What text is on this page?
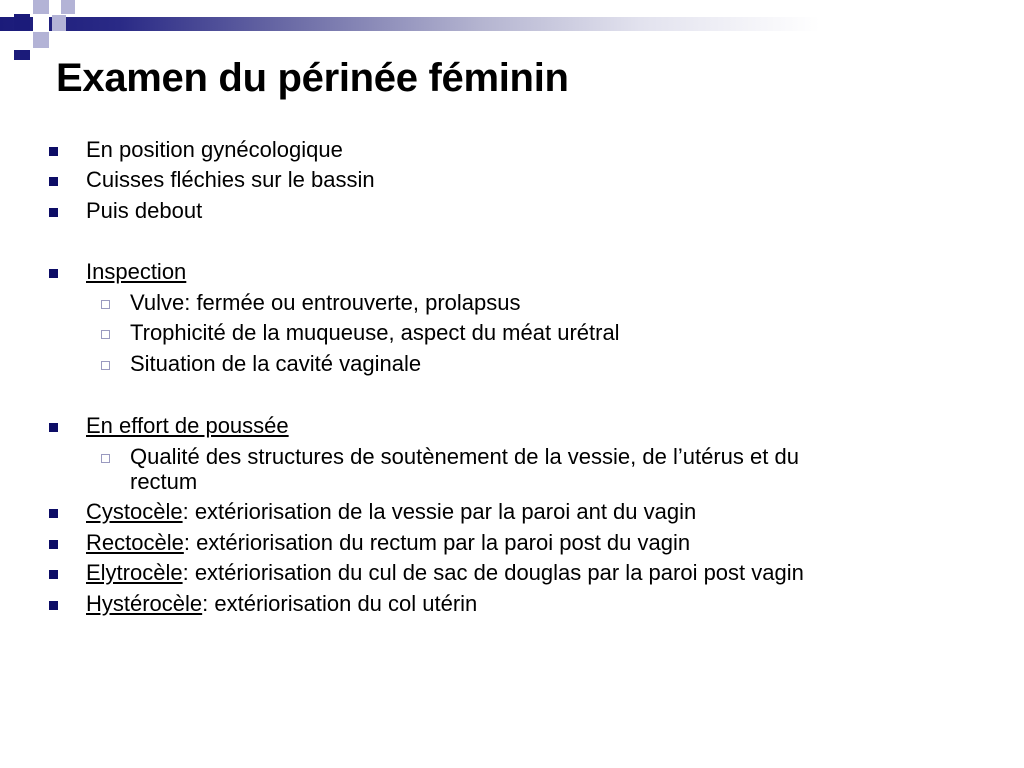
Examen du périnée féminin
En position gynécologique
Cuisses fléchies sur le bassin
Puis debout
Inspection
Vulve: fermée ou entrouverte, prolapsus
Trophicité de la muqueuse, aspect du méat urétral
Situation de la cavité vaginale
En effort de poussée
Qualité des structures de soutènement de la vessie, de l’utérus et du
rectum
Cystocèle: extériorisation de la vessie par la paroi ant du vagin
Rectocèle: extériorisation du rectum par la paroi post du vagin
Elytrocèle: extériorisation du cul de sac de douglas par la paroi post vagin
Hystérocèle: extériorisation du col utérin
